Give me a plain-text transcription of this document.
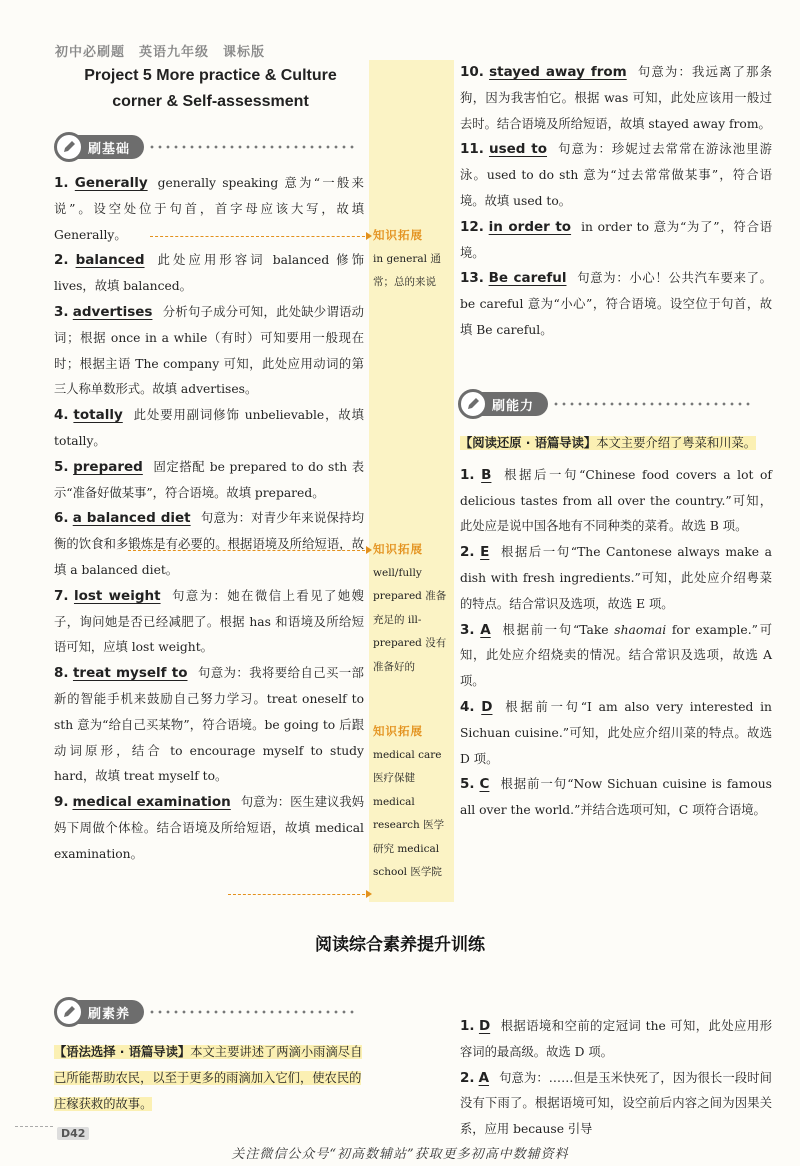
初中必刷题　英语九年级　课标版
Project 5 More practice & Culture
corner & Self-assessment
刷基础

1. Generally generally speaking 意为“一般来说”。设空处位于句首，首字母应该大写，故填 Generally。

2. balanced 此处应用形容词 balanced 修饰 lives，故填 balanced。

3. advertises 分析句子成分可知，此处缺少谓语动词；根据 once in a while（有时）可知要用一般现在时；根据主语 The company 可知，此处应用动词的第三人称单数形式。故填 advertises。

4. totally 此处要用副词修饰 unbelievable，故填 totally。

5. prepared 固定搭配 be prepared to do sth 表示“准备好做某事”，符合语境。故填 prepared。

6. a balanced diet 句意为：对青少年来说保持均衡的饮食和多锻炼是有必要的。根据语境及所给短语，故填 a balanced diet。

7. lost weight 句意为：她在微信上看见了她嫂子，询问她是否已经减肥了。根据 has 和语境及所给短语可知，应填 lost weight。

8. treat myself to 句意为：我将要给自己买一部新的智能手机来鼓励自己努力学习。treat oneself to sth 意为“给自己买某物”，符合语境。be going to 后跟动词原形，结合 to encourage myself to study hard，故填 treat myself to。

9. medical examination 句意为：医生建议我妈妈下周做个体检。结合语境及所给短语，故填 medical examination。

知识拓展
in general 通常；总的来说
知识拓展
well/fully prepared 准备充足的 ill-prepared 没有准备好的
知识拓展
medical care 医疗保健 medical research 医学研究 medical school 医学院

10. stayed away from 句意为：我远离了那条狗，因为我害怕它。根据 was 可知，此处应该用一般过去时。结合语境及所给短语，故填 stayed away from。

11. used to 句意为：珍妮过去常常在游泳池里游泳。used to do sth 意为“过去常常做某事”，符合语境。故填 used to。

12. in order to in order to 意为“为了”，符合语境。

13. Be careful 句意为：小心！公共汽车要来了。be careful 意为“小心”，符合语境。设空位于句首，故填 Be careful。

刷能力

【阅读还原 · 语篇导读】本文主要介绍了粤菜和川菜。

1. B 根据后一句“Chinese food covers a lot of delicious tastes from all over the country.”可知，此处应是说中国各地有不同种类的菜肴。故选 B 项。

2. E 根据后一句“The Cantonese always make a dish with fresh ingredients.”可知，此处应介绍粤菜的特点。结合常识及选项，故选 E 项。

3. A 根据前一句“Take shaomai for example.”可知，此处应介绍烧卖的情况。结合常识及选项，故选 A 项。

4. D 根据前一句“I am also very interested in Sichuan cuisine.”可知，此处应介绍川菜的特点。故选 D 项。

5. C 根据前一句“Now Sichuan cuisine is famous all over the world.”并结合选项可知，C 项符合语境。

阅读综合素养提升训练
刷素养

【语法选择 · 语篇导读】本文主要讲述了两滴小雨滴尽自己所能帮助农民，以至于更多的雨滴加入它们，使农民的庄稼获救的故事。

1. D 根据语境和空前的定冠词 the 可知，此处应用形容词的最高级。故选 D 项。

2. A 句意为：……但是玉米快死了，因为很长一段时间没有下雨了。根据语境可知，设空前后内容之间为因果关系，应用 because 引导

D42
关注微信公众号“初高数辅站”获取更多初高中数辅资料
